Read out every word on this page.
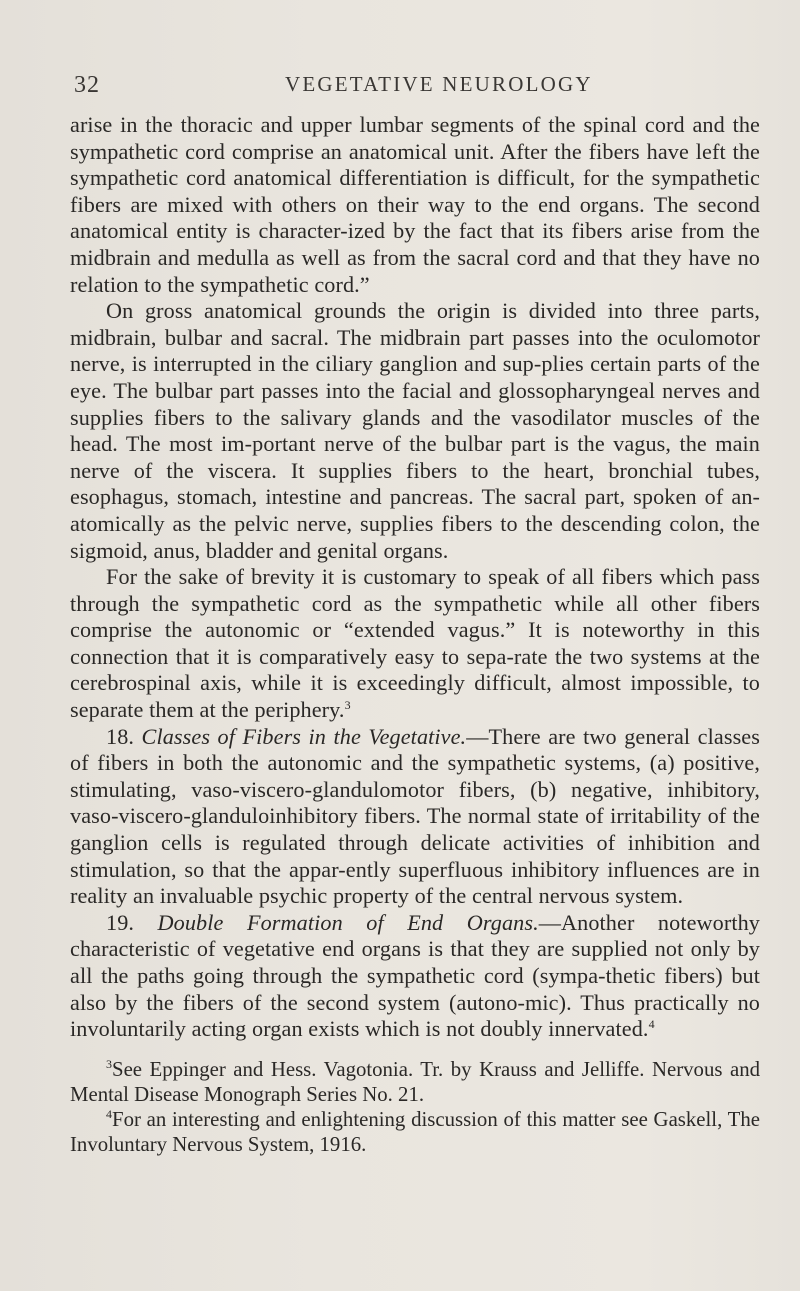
32	VEGETATIVE NEUROLOGY

arise in the thoracic and upper lumbar segments of the spinal cord and the sympathetic cord comprise an anatomical unit. After the fibers have left the sympathetic cord anatomical differentiation is difficult, for the sympathetic fibers are mixed with others on their way to the end organs. The second anatomical entity is character-ized by the fact that its fibers arise from the midbrain and medulla as well as from the sacral cord and that they have no relation to the sympathetic cord.”

On gross anatomical grounds the origin is divided into three parts, midbrain, bulbar and sacral. The midbrain part passes into the oculomotor nerve, is interrupted in the ciliary ganglion and sup-plies certain parts of the eye. The bulbar part passes into the facial and glossopharyngeal nerves and supplies fibers to the salivary glands and the vasodilator muscles of the head. The most im-portant nerve of the bulbar part is the vagus, the main nerve of the viscera. It supplies fibers to the heart, bronchial tubes, esophagus, stomach, intestine and pancreas. The sacral part, spoken of an-atomically as the pelvic nerve, supplies fibers to the descending colon, the sigmoid, anus, bladder and genital organs.

For the sake of brevity it is customary to speak of all fibers which pass through the sympathetic cord as the sympathetic while all other fibers comprise the autonomic or “extended vagus.” It is noteworthy in this connection that it is comparatively easy to sepa-rate the two systems at the cerebrospinal axis, while it is exceedingly difficult, almost impossible, to separate them at the periphery.$^3$

18. Classes of Fibers in the Vegetative.—There are two general classes of fibers in both the autonomic and the sympathetic systems, (a) positive, stimulating, vaso-viscero-glandulomotor fibers, (b) negative, inhibitory, vaso-viscero-glanduloinhibitory fibers. The normal state of irritability of the ganglion cells is regulated through delicate activities of inhibition and stimulation, so that the appar-ently superfluous inhibitory influences are in reality an invaluable psychic property of the central nervous system.

19. Double Formation of End Organs.—Another noteworthy characteristic of vegetative end organs is that they are supplied not only by all the paths going through the sympathetic cord (sympa-thetic fibers) but also by the fibers of the second system (autono-mic). Thus practically no involuntarily acting organ exists which is not doubly innervated.$^4$

$^3$See Eppinger and Hess. Vagotonia. Tr. by Krauss and Jelliffe. Nervous and Mental Disease Monograph Series No. 21.

$^4$For an interesting and enlightening discussion of this matter see Gaskell, The Involuntary Nervous System, 1916.
